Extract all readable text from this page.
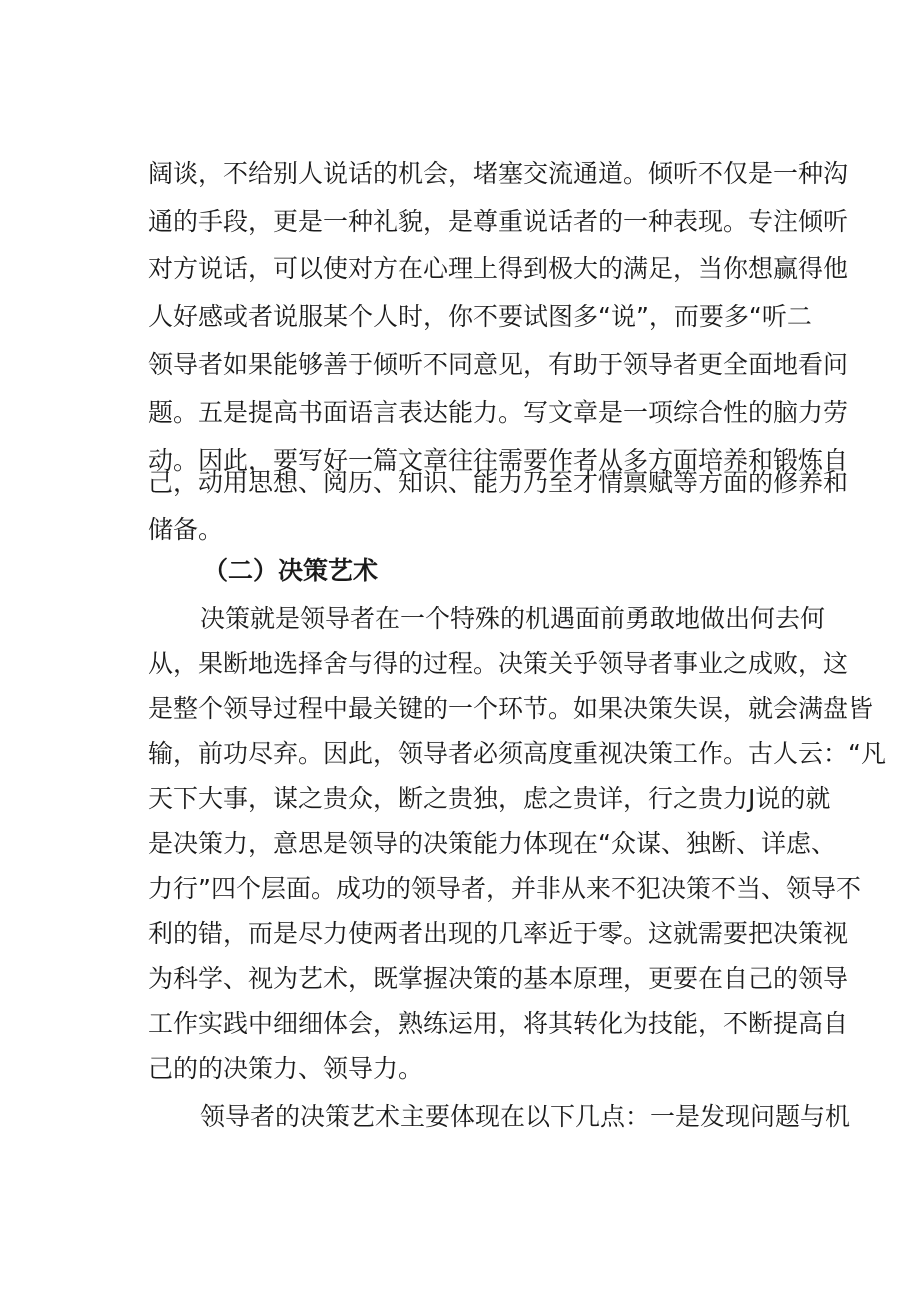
阔谈，不给别人说话的机会，堵塞交流通道。倾听不仅是一种沟
通的手段，更是一种礼貌，是尊重说话者的一种表现。专注倾听
对方说话，可以使对方在心理上得到极大的满足，当你想赢得他
人好感或者说服某个人时，你不要试图多“说”，而要多“听二
领导者如果能够善于倾听不同意见，有助于领导者更全面地看问
题。五是提高书面语言表达能力。写文章是一项综合性的脑力劳
动。因此，要写好一篇文章往往需要作者从多方面培养和锻炼自
己，动用思想、阅历、知识、能力乃至才情禀赋等方面的修养和
储备。
（二）决策艺术
决策就是领导者在一个特殊的机遇面前勇敢地做出何去何
从，果断地选择舍与得的过程。决策关乎领导者事业之成败，这
是整个领导过程中最关键的一个环节。如果决策失误，就会满盘皆
输，前功尽弃。因此，领导者必须高度重视决策工作。古人云：“凡
天下大事，谋之贵众，断之贵独，虑之贵详，行之贵力J说的就
是决策力，意思是领导的决策能力体现在“众谋、独断、详虑、
力行”四个层面。成功的领导者，并非从来不犯决策不当、领导不
利的错，而是尽力使两者出现的几率近于零。这就需要把决策视
为科学、视为艺术，既掌握决策的基本原理，更要在自己的领导
工作实践中细细体会，熟练运用，将其转化为技能，不断提高自
己的的决策力、领导力。
领导者的决策艺术主要体现在以下几点：一是发现问题与机
